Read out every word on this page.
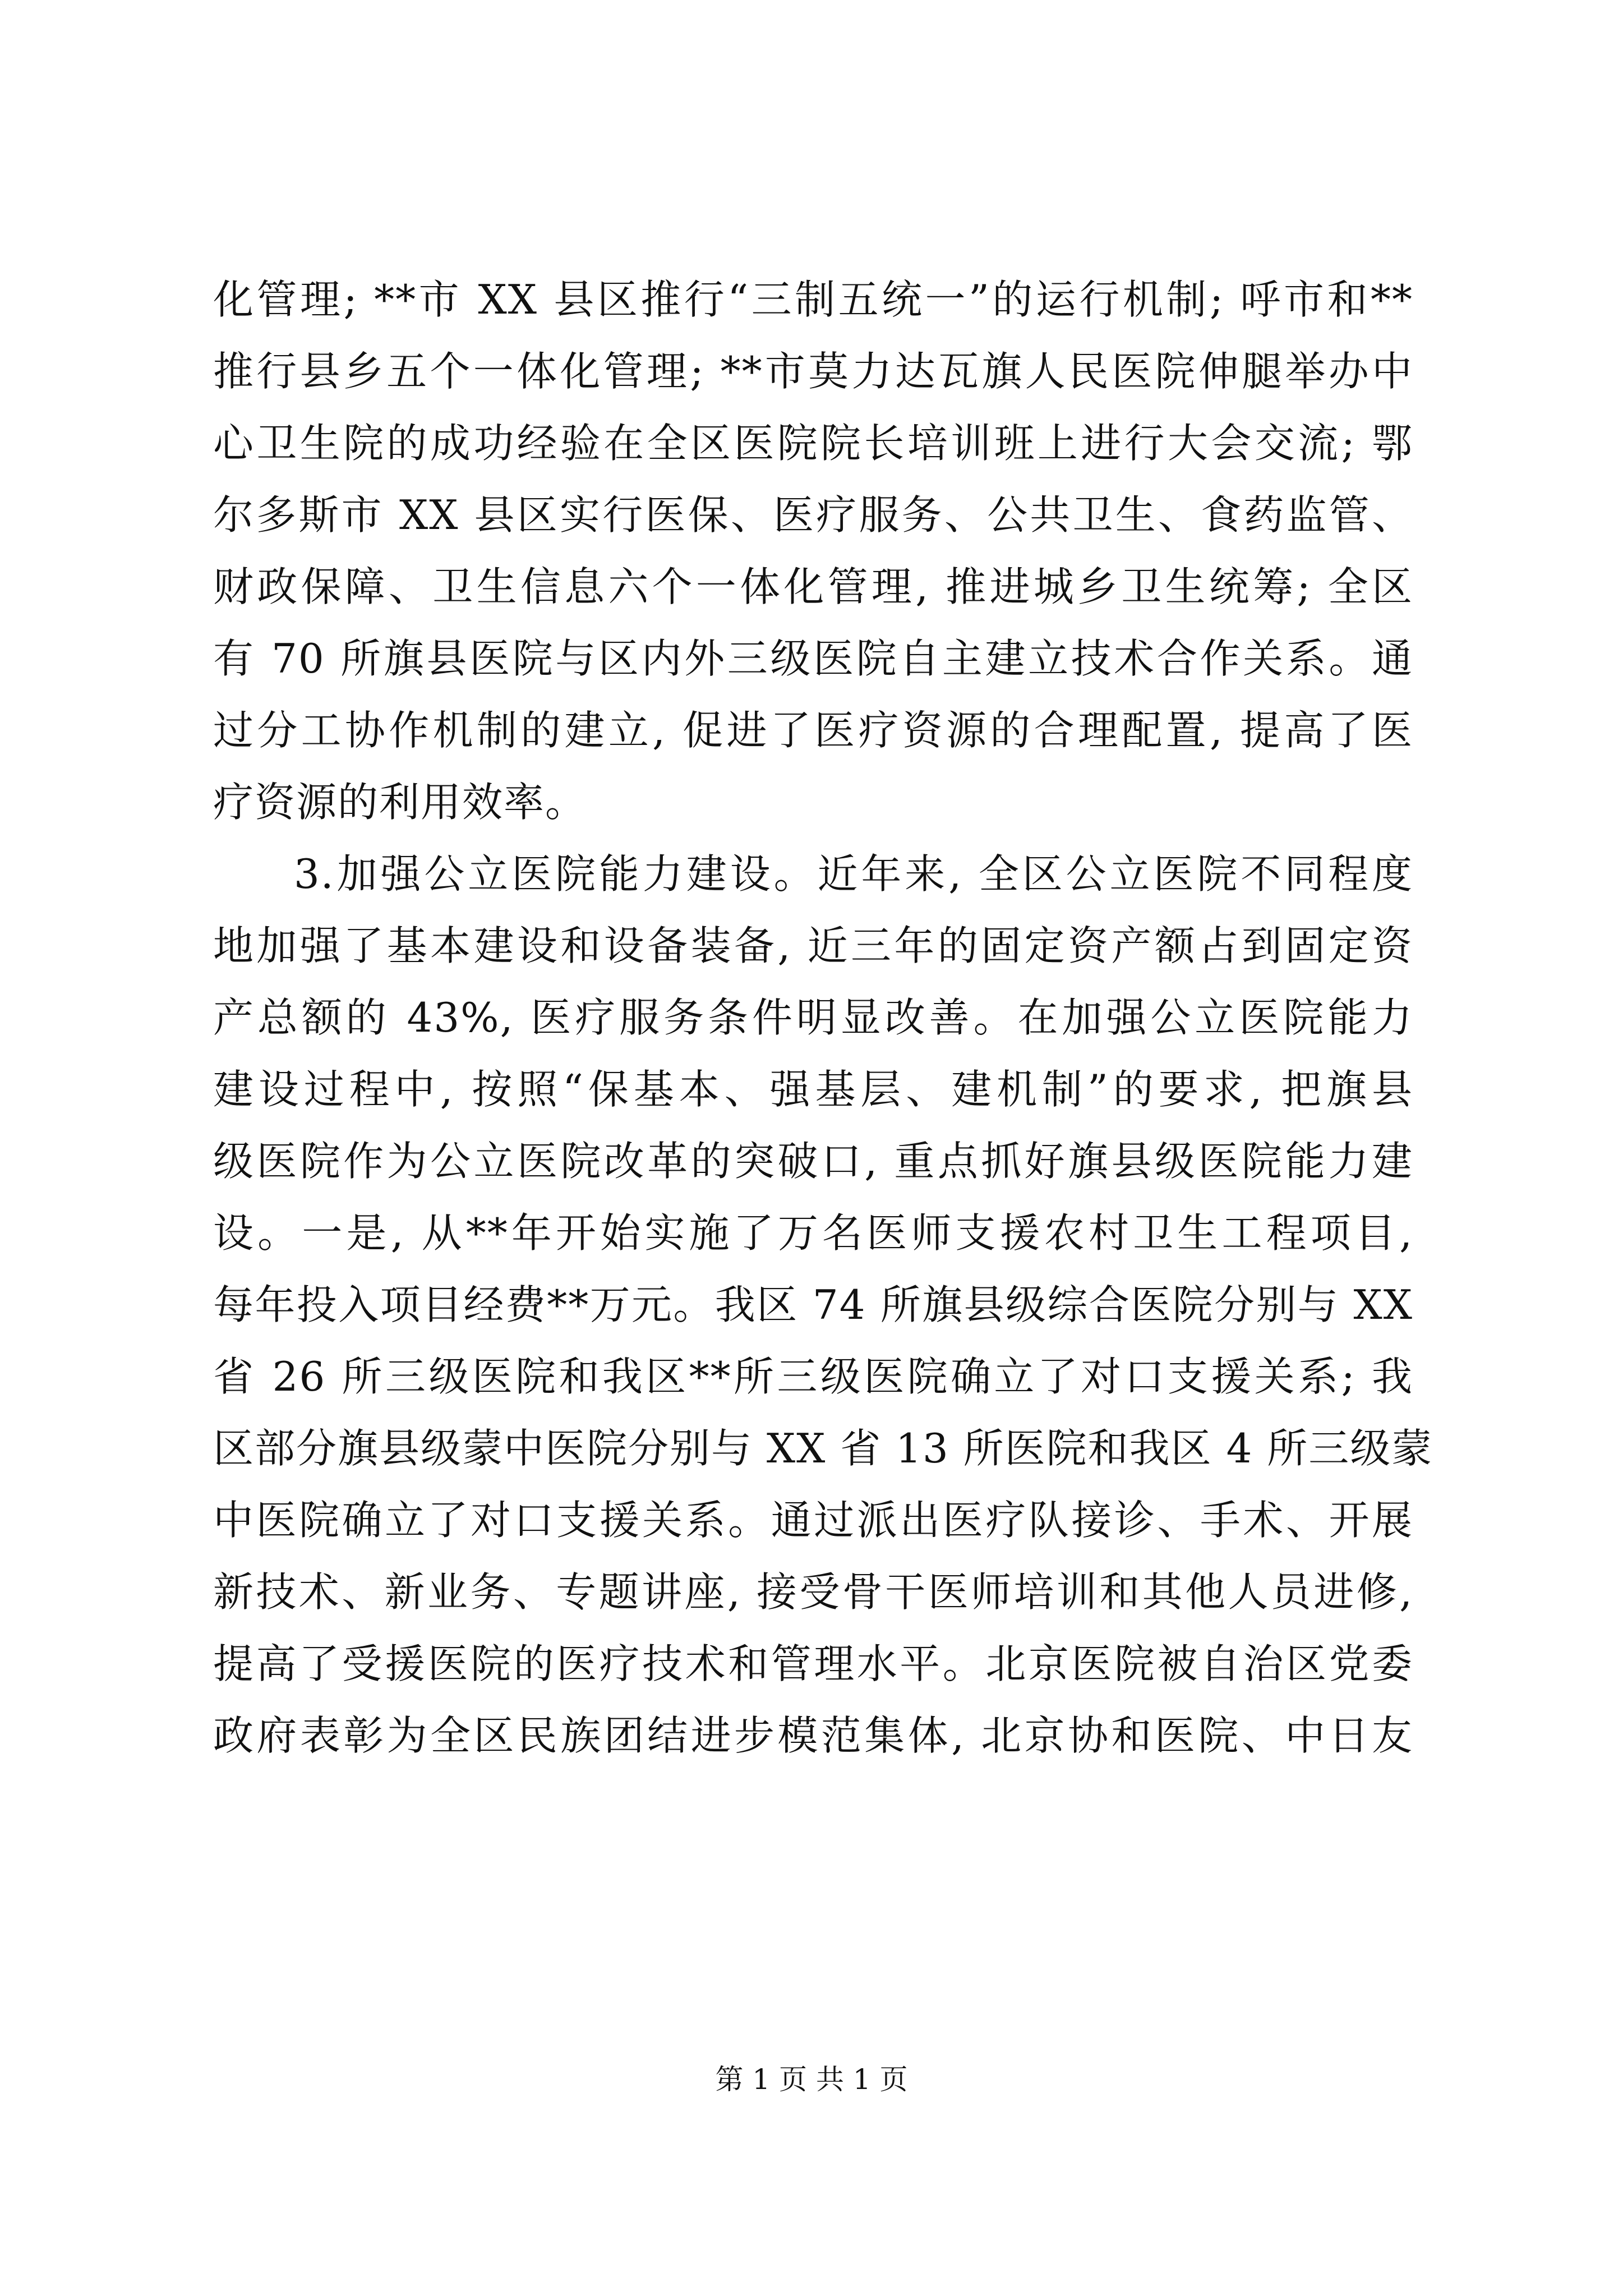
化管理; **市 XX 县区推行“三制五统一”的运行机制; 呼市和**
推行县乡五个一体化管理; **市莫力达瓦旗人民医院伸腿举办中
心卫生院的成功经验在全区医院院长培训班上进行大会交流; 鄂
尔多斯市 XX 县区实行医保、医疗服务、公共卫生、食药监管、
财政保障、卫生信息六个一体化管理, 推进城乡卫生统筹; 全区
有 70 所旗县医院与区内外三级医院自主建立技术合作关系。通
过分工协作机制的建立, 促进了医疗资源的合理配置, 提高了医
疗资源的利用效率。
3.加强公立医院能力建设。近年来, 全区公立医院不同程度
地加强了基本建设和设备装备, 近三年的固定资产额占到固定资
产总额的 43%, 医疗服务条件明显改善。在加强公立医院能力
建设过程中, 按照“保基本、强基层、建机制”的要求, 把旗县
级医院作为公立医院改革的突破口, 重点抓好旗县级医院能力建
设。一是, 从**年开始实施了万名医师支援农村卫生工程项目,
每年投入项目经费**万元。我区 74 所旗县级综合医院分别与 XX
省 26 所三级医院和我区**所三级医院确立了对口支援关系; 我
区部分旗县级蒙中医院分别与 XX 省 13 所医院和我区 4 所三级蒙
中医院确立了对口支援关系。通过派出医疗队接诊、手术、开展
新技术、新业务、专题讲座, 接受骨干医师培训和其他人员进修,
提高了受援医院的医疗技术和管理水平。北京医院被自治区党委
政府表彰为全区民族团结进步模范集体, 北京协和医院、中日友
第 1 页 共 1 页
